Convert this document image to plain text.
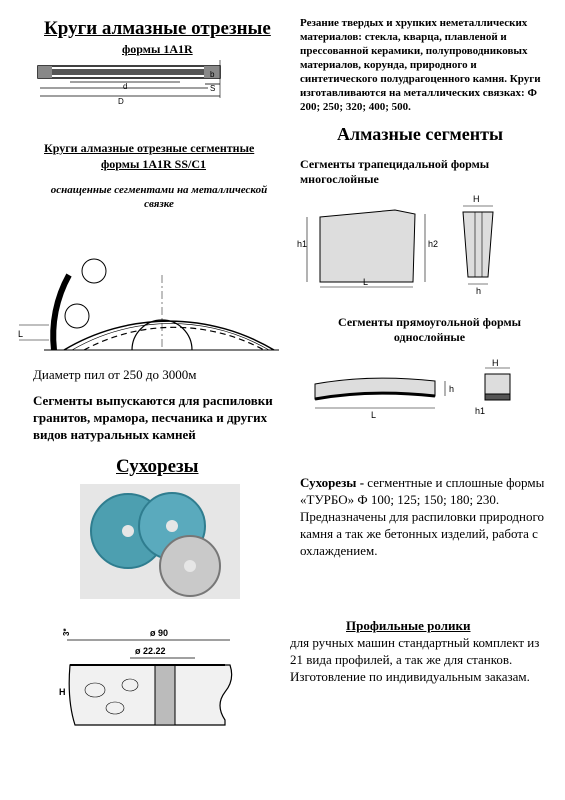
Круги алмазные отрезные
формы 1A1R
d
D
b
S
Круги алмазные отрезные сегментные
формы 1A1R SS/C1
оснащенные сегментами на металлической связке
L
Диаметр пил от 250 до 3000м
Сегменты выпускаются для распиловки гранитов, мрамора, песчаника и других видов натуральных камней
Сухорезы
ø 90
ø 22.22
3*
H
Резание твердых и хрупких неметаллических материалов: стекла, кварца, плавленой и прессованной керамики, полупроводниковых материалов, корунда, природного и синтетического полудрагоценного камня. Круги изготавливаются на металлических связках: Ф 200; 250; 320; 400; 500.
Алмазные сегменты
Сегменты трапецидальной формы многослойные
h1	h2
L
H
h
Сегменты прямоугольной формы однослойные
h
L
H
h1
Сухорезы - сегментные и сплошные формы «ТУРБО» Ф 100; 125; 150; 180; 230.
Предназначены для распиловки природного камня а так же бетонных изделий, работа с охлаждением.
Профильные ролики
для ручных машин стандартный комплект из 21 вида профилей, а так же для станков. Изготовление по индивидуальным заказам.
